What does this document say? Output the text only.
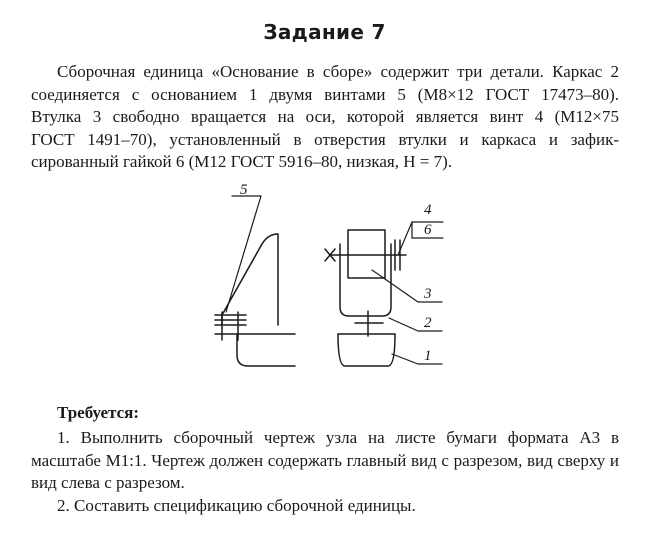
Задание 7

Сборочная единица «Основание в сборе» содержит три детали. Каркас 2
соединяется с основанием 1 двумя винтами 5 (М8×12 ГОСТ 17473–80).
Втулка 3 свободно вращается на оси, которой является винт 4 (М12×75
ГОСТ 1491–70), установленный в отверстия втулки и каркаса и зафик-
сированный гайкой 6 (М12 ГОСТ 5916–80, низкая, Н = 7).

5
4
6
3
2
1
Требуется:

1. Выполнить сборочный чертеж узла на листе бумаги формата А3 в масштабе М1:1. Чертеж должен содержать главный вид с разрезом, вид сверху и вид слева с разрезом.

2. Составить спецификацию сборочной единицы.
